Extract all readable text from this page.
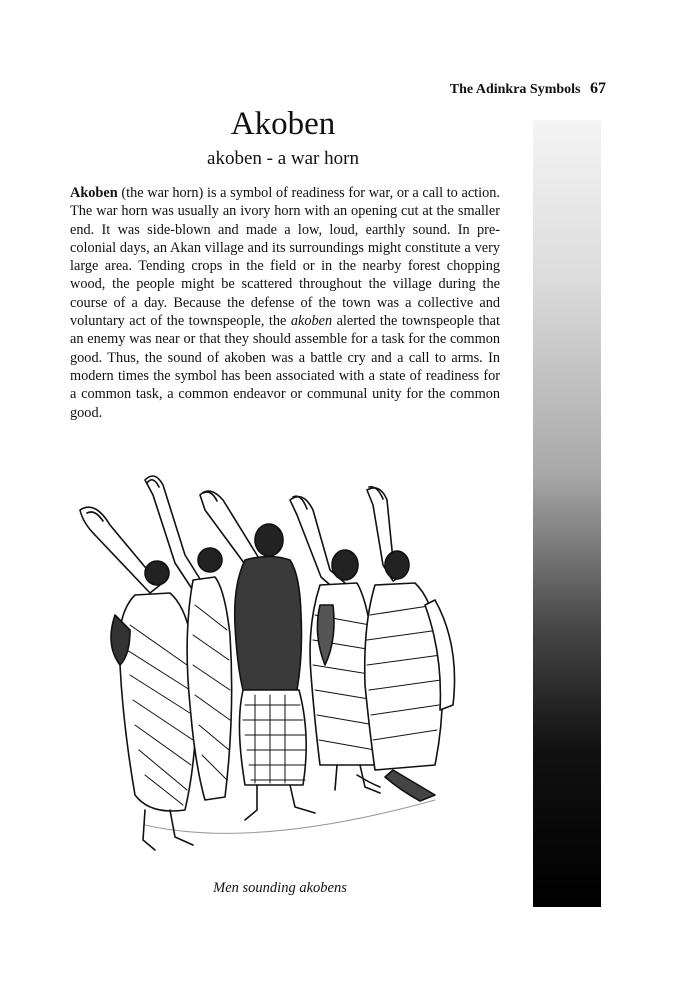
The Adinkra Symbols 67
Akoben

akoben - a war horn

Akoben (the war horn) is a symbol of readiness for war, or a call to action. The war horn was usually an ivory horn with an opening cut at the smaller end. It was side-blown and made a low, loud, earthly sound. In pre-colonial days, an Akan village and its surroundings might constitute a very large area. Tending crops in the field or in the nearby forest chopping wood, the people might be scattered throughout the village during the course of a day. Because the defense of the town was a collective and voluntary act of the townspeople, the akoben alerted the townspeople that an enemy was near or that they should assemble for a task for the common good. Thus, the sound of akoben was a battle cry and a call to arms. In modern times the symbol has been associated with a state of readiness for a common task, a common endeavor or communal unity for the common good.

Men sounding akobens
